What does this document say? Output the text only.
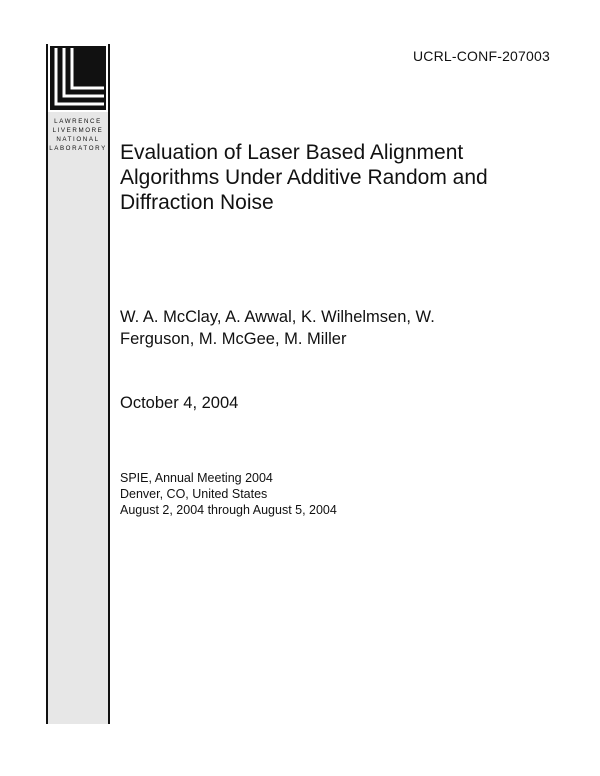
LAWRENCE
LIVERMORE
NATIONAL
LABORATORY
UCRL-CONF-207003
Evaluation of Laser Based Alignment
Algorithms Under Additive Random and
Diffraction Noise
W. A. McClay, A. Awwal, K. Wilhelmsen, W.
Ferguson, M. McGee, M. Miller
October 4, 2004
SPIE, Annual Meeting 2004
Denver, CO, United States
August 2, 2004 through August 5, 2004
